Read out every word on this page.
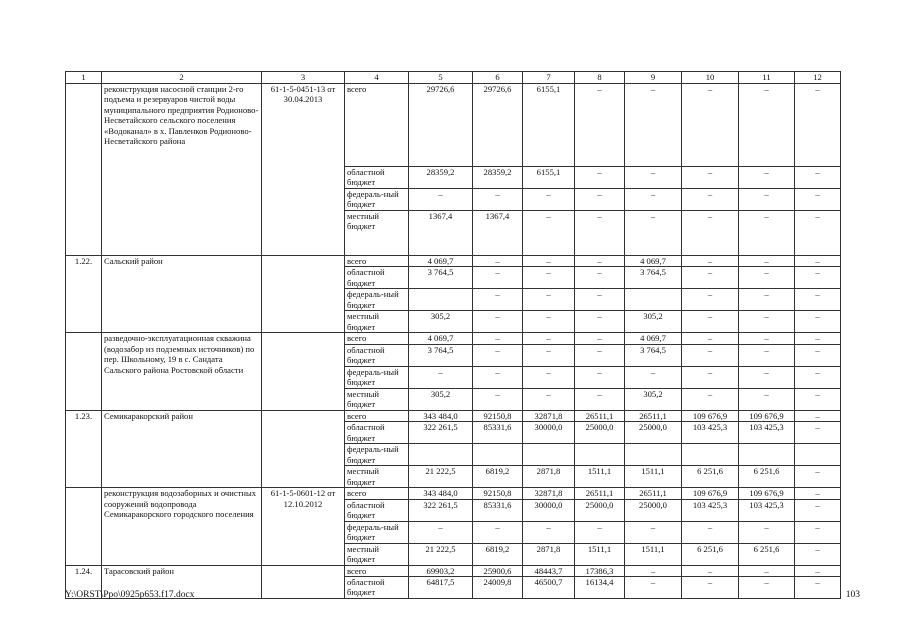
1	2	3	4	5	6	7	8	9	10	11	12
	реконструкция насосной станции 2-го подъема и резервуаров чистой воды муниципального предприятия Родионово-Несветайского сельского поселения «Водоканал» в х. Павленков Родионово-Несветайского района	61-1-5-0451-13 от 30.04.2013	всего	29726,6	29726,6	6155,1	–	–	–	–	–
			областной бюджет	28359,2	28359,2	6155,1	–	–	–	–	–
			федераль-ный бюджет	–	–	–	–	–	–	–	–
			местный бюджет	1367,4	1367,4	–	–	–	–	–	–
1.22.	Сальский район		всего	4 069,7	–	–	–	4 069,7	–	–	–
			областной бюджет	3 764,5	–	–	–	3 764,5	–	–	–
			федераль-ный бюджет		–	–	–		–	–	–
			местный бюджет	305,2	–	–	–	305,2	–	–	–
	разведочно-эксплуатационная скважина (водозабор из подземных источников) по пер. Школьному, 19 в с. Сандата Сальского района Ростовской области		всего	4 069,7	–	–	–	4 069,7	–	–	–
			областной бюджет	3 764,5	–	–	–	3 764,5	–	–	–
			федераль-ный бюджет	–	–	–	–	–	–	–	–
			местный бюджет	305,2	–	–	–	305,2	–	–	–
1.23.	Семикаракорский район		всего	343 484,0	92150,8	32871,8	26511,1	26511,1	109 676,9	109 676,9	–
			областной бюджет	322 261,5	85331,6	30000,0	25000,0	25000,0	103 425,3	103 425,3	–
			федераль-ный бюджет								
			местный бюджет	21 222,5	6819,2	2871,8	1511,1	1511,1	6 251,6	6 251,6	–
	реконструкция водозаборных и очистных сооружений водопровода Семикаракорского городского поселения	61-1-5-0601-12 от 12.10.2012	всего	343 484,0	92150,8	32871,8	26511,1	26511,1	109 676,9	109 676,9	–
			областной бюджет	322 261,5	85331,6	30000,0	25000,0	25000,0	103 425,3	103 425,3	–
			федераль-ный бюджет	–	–	–	–	–	–	–	–
			местный бюджет	21 222,5	6819,2	2871,8	1511,1	1511,1	6 251,6	6 251,6	–
1.24.	Тарасовский район		всего	69903,2	25900,6	48443,7	17386,3	–	–	–	–
			областной бюджет	64817,5	24009,8	46500,7	16134,4	–	–	–	–
Y:\ORST\Ppo\0925p653.f17.docx	103
